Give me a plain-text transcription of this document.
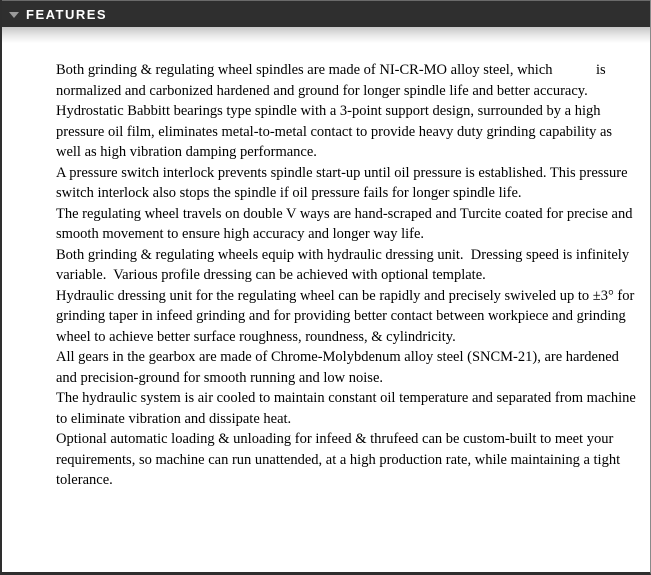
FEATURES

Both grinding & regulating wheel spindles are made of NI-CR-MO alloy steel, which            is normalized and carbonized hardened and ground for longer spindle life and better accuracy.

Hydrostatic Babbitt bearings type spindle with a 3-point support design, surrounded by a high pressure oil film, eliminates metal-to-metal contact to provide heavy duty grinding capability as well as high vibration damping performance.

A pressure switch interlock prevents spindle start-up until oil pressure is established. This pressure switch interlock also stops the spindle if oil pressure fails for longer spindle life.

The regulating wheel travels on double V ways are hand-scraped and Turcite coated for precise and smooth movement to ensure high accuracy and longer way life.

Both grinding & regulating wheels equip with hydraulic dressing unit.  Dressing speed is infinitely variable.  Various profile dressing can be achieved with optional template.

Hydraulic dressing unit for the regulating wheel can be rapidly and precisely swiveled up to ±3° for grinding taper in infeed grinding and for providing better contact between workpiece and grinding wheel to achieve better surface roughness, roundness, & cylindricity.

All gears in the gearbox are made of Chrome-Molybdenum alloy steel (SNCM-21), are hardened and precision-ground for smooth running and low noise.

The hydraulic system is air cooled to maintain constant oil temperature and separated from machine to eliminate vibration and dissipate heat.

Optional automatic loading & unloading for infeed & thrufeed can be custom-built to meet your requirements, so machine can run unattended, at a high production rate, while maintaining a tight tolerance.
